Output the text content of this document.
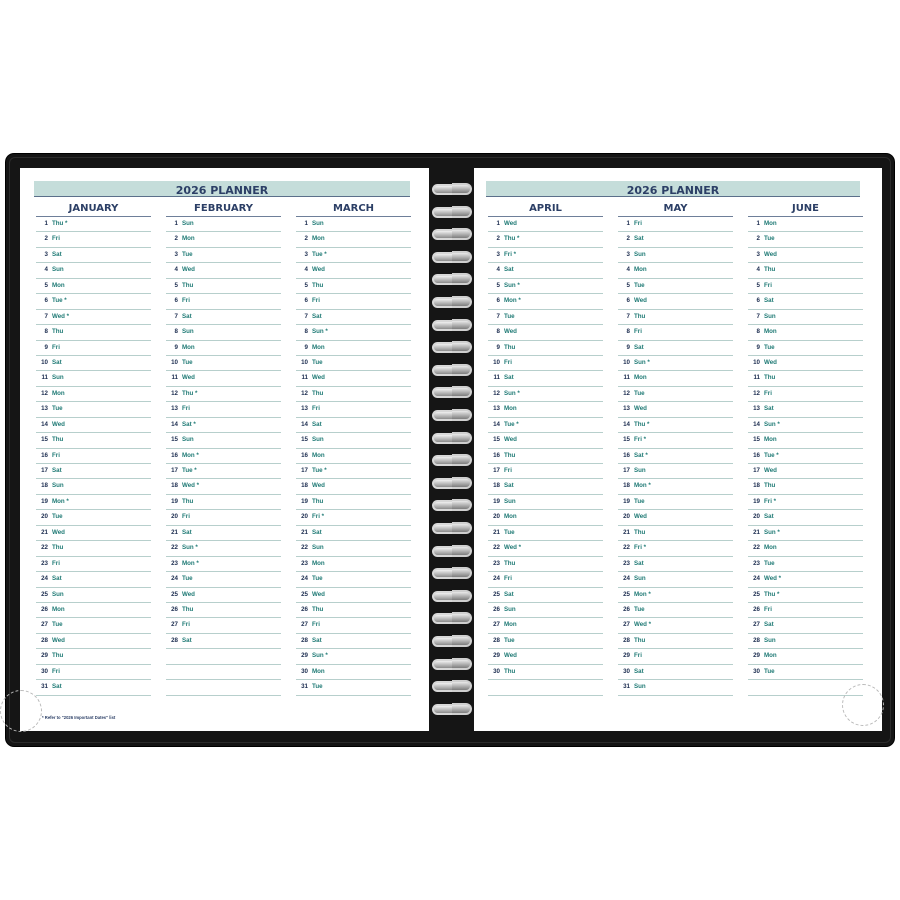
2026 PLANNER
JANUARY
1 Thu *
2 Fri
3 Sat
4 Sun
5 Mon
6 Tue *
7 Wed *
8 Thu
9 Fri
10 Sat
11 Sun
12 Mon
13 Tue
14 Wed
15 Thu
16 Fri
17 Sat
18 Sun
19 Mon *
20 Tue
21 Wed
22 Thu
23 Fri
24 Sat
25 Sun
26 Mon
27 Tue
28 Wed
29 Thu
30 Fri
31 Sat
FEBRUARY
1 Sun
2 Mon
3 Tue
4 Wed
5 Thu
6 Fri
7 Sat
8 Sun
9 Mon
10 Tue
11 Wed
12 Thu *
13 Fri
14 Sat *
15 Sun
16 Mon *
17 Tue *
18 Wed *
19 Thu
20 Fri
21 Sat
22 Sun *
23 Mon *
24 Tue
25 Wed
26 Thu
27 Fri
28 Sat
MARCH
1 Sun
2 Mon
3 Tue *
4 Wed
5 Thu
6 Fri
7 Sat
8 Sun *
9 Mon
10 Tue
11 Wed
12 Thu
13 Fri
14 Sat
15 Sun
16 Mon
17 Tue *
18 Wed
19 Thu
20 Fri *
21 Sat
22 Sun
23 Mon
24 Tue
25 Wed
26 Thu
27 Fri
28 Sat
29 Sun *
30 Mon
31 Tue
* Refer to "2026 Important Dates" list
2026 PLANNER
APRIL
1 Wed
2 Thu *
3 Fri *
4 Sat
5 Sun *
6 Mon *
7 Tue
8 Wed
9 Thu
10 Fri
11 Sat
12 Sun *
13 Mon
14 Tue *
15 Wed
16 Thu
17 Fri
18 Sat
19 Sun
20 Mon
21 Tue
22 Wed *
23 Thu
24 Fri
25 Sat
26 Sun
27 Mon
28 Tue
29 Wed
30 Thu
MAY
1 Fri
2 Sat
3 Sun
4 Mon
5 Tue
6 Wed
7 Thu
8 Fri
9 Sat
10 Sun *
11 Mon
12 Tue
13 Wed
14 Thu *
15 Fri *
16 Sat *
17 Sun
18 Mon *
19 Tue
20 Wed
21 Thu
22 Fri *
23 Sat
24 Sun
25 Mon *
26 Tue
27 Wed *
28 Thu
29 Fri
30 Sat
31 Sun
JUNE
1 Mon
2 Tue
3 Wed
4 Thu
5 Fri
6 Sat
7 Sun
8 Mon
9 Tue
10 Wed
11 Thu
12 Fri
13 Sat
14 Sun *
15 Mon
16 Tue *
17 Wed
18 Thu
19 Fri *
20 Sat
21 Sun *
22 Mon
23 Tue
24 Wed *
25 Thu *
26 Fri
27 Sat
28 Sun
29 Mon
30 Tue
